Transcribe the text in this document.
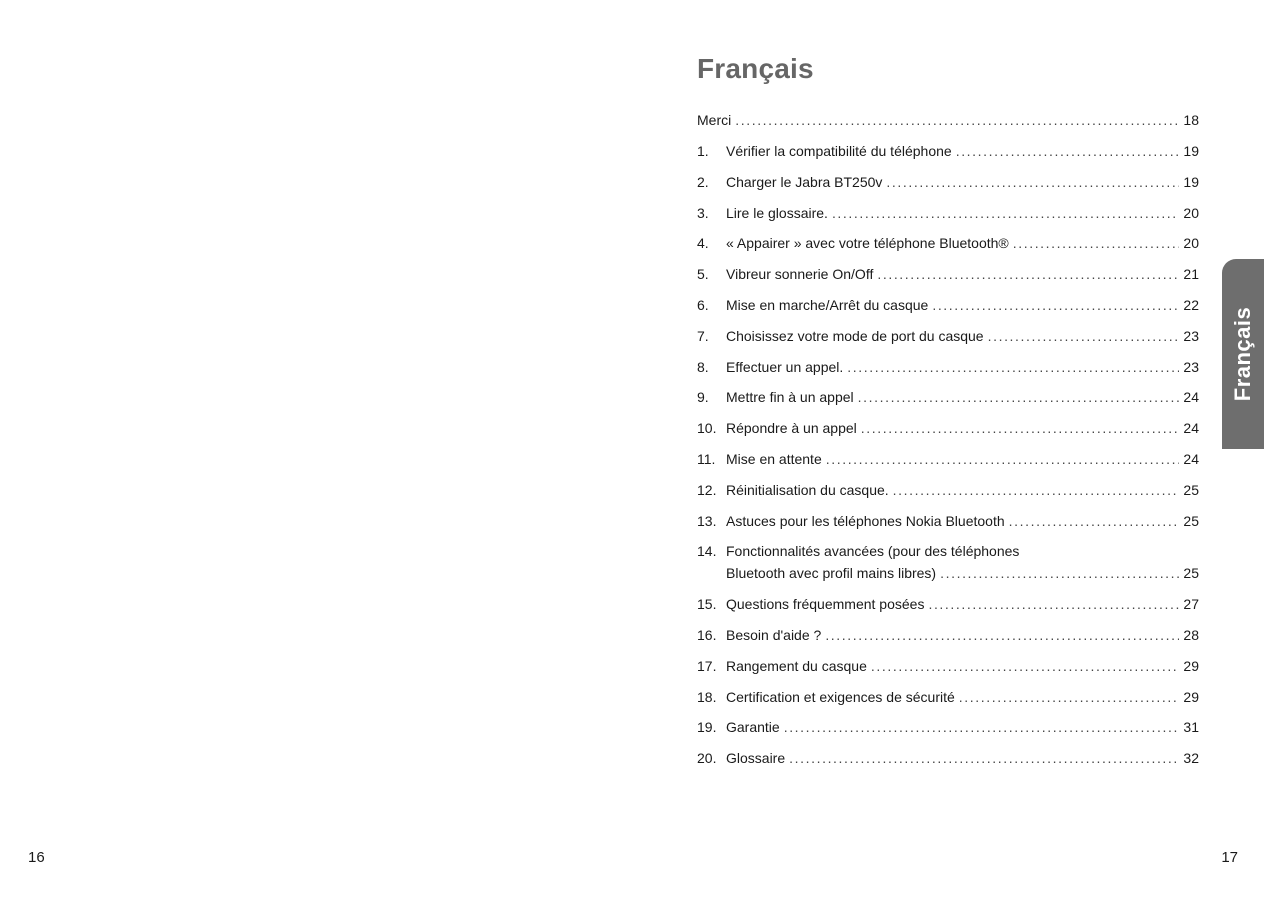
16
Français
Merci .....	18
1.	Vérifier la compatibilité du téléphone .....	19
2.	Charger le Jabra BT250v .....	19
3.	Lire le glossaire. .....	20
4.	« Appairer » avec votre téléphone Bluetooth® .....	20
5.	Vibreur sonnerie On/Off .....	21
6.	Mise en marche/Arrêt du casque .....	22
7.	Choisissez votre mode de port du casque .....	23
8.	Effectuer un appel. .....	23
9.	Mettre fin à un appel .....	24
10. Répondre à un appel .....	24
11. Mise en attente .....	24
12. Réinitialisation du casque. .....	25
13. Astuces pour les téléphones Nokia Bluetooth .....	25
14. Fonctionnalités avancées (pour des téléphones
Bluetooth avec profil mains libres) .....	25
15. Questions fréquemment posées .....	27
16. Besoin d'aide ? .....	28
17. Rangement du casque .....	29
18. Certification et exigences de sécurité .....	29
19. Garantie .....	31
20. Glossaire .....	32
Français
17
